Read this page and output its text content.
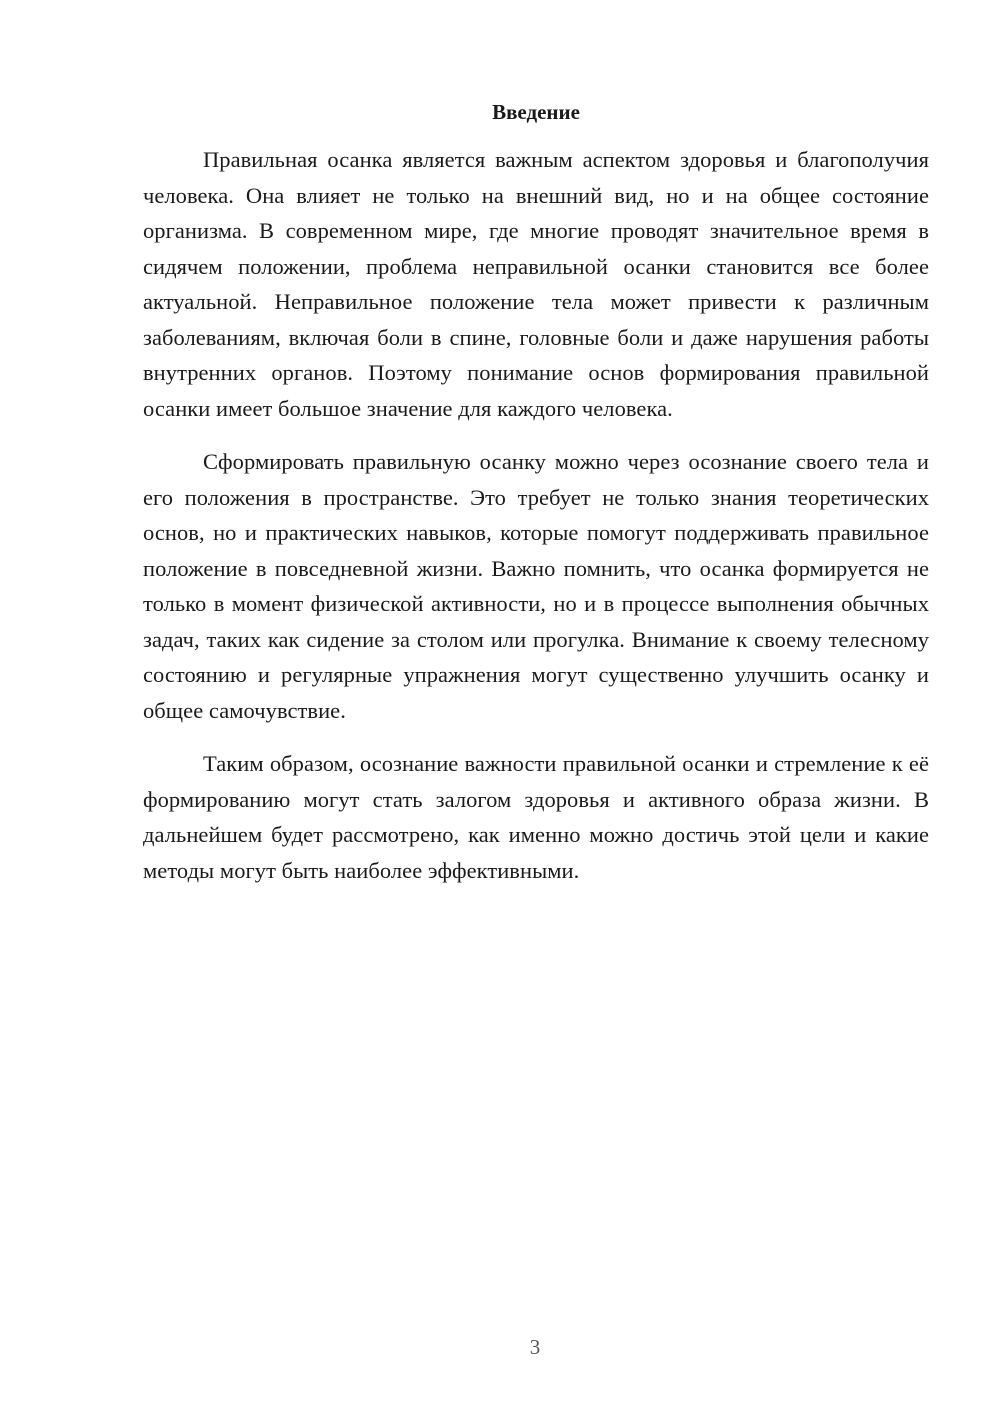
Введение

Правильная осанка является важным аспектом здоровья и благополучия человека. Она влияет не только на внешний вид, но и на общее состояние организма. В современном мире, где многие проводят значительное время в сидячем положении, проблема неправильной осанки становится все более актуальной. Неправильное положение тела может привести к различным заболеваниям, включая боли в спине, головные боли и даже нарушения работы внутренних органов. Поэтому понимание основ формирования правильной осанки имеет большое значение для каждого человека.

Сформировать правильную осанку можно через осознание своего тела и его положения в пространстве. Это требует не только знания теоретических основ, но и практических навыков, которые помогут поддерживать правильное положение в повседневной жизни. Важно помнить, что осанка формируется не только в момент физической активности, но и в процессе выполнения обычных задач, таких как сидение за столом или прогулка. Внимание к своему телесному состоянию и регулярные упражнения могут существенно улучшить осанку и общее самочувствие.

Таким образом, осознание важности правильной осанки и стремление к её формированию могут стать залогом здоровья и активного образа жизни. В дальнейшем будет рассмотрено, как именно можно достичь этой цели и какие методы могут быть наиболее эффективными.

3
